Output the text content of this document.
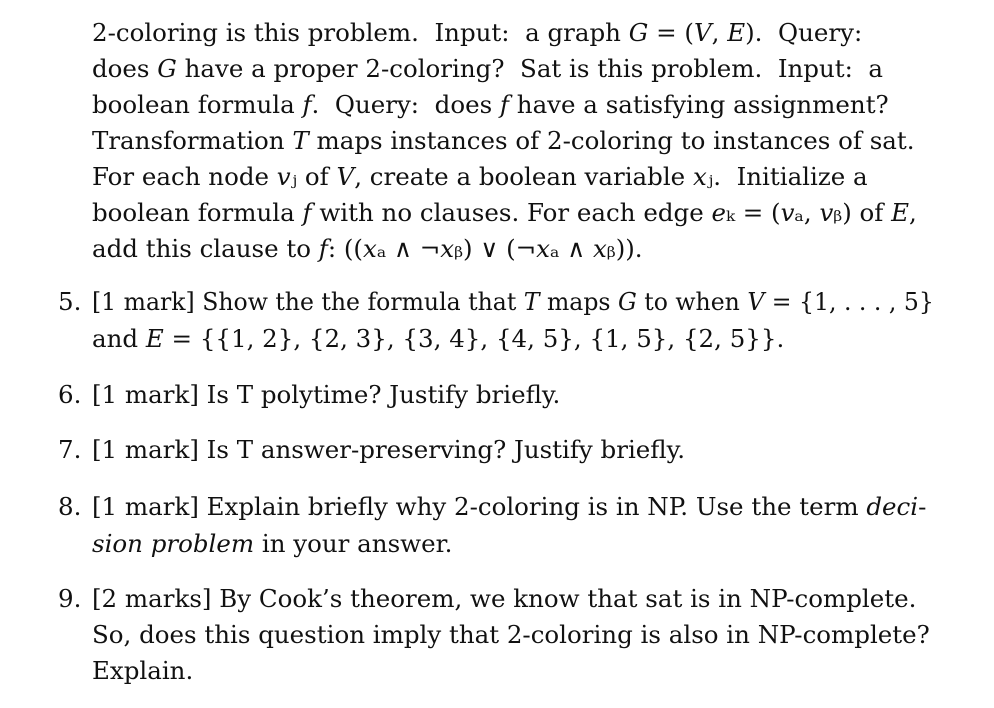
2-coloring is this problem.  Input:  a graph 𝐺 = (𝑉, 𝐸).  Query:
does 𝐺 have a proper 2-coloring?  Sat is this problem.  Input:  a
boolean formula 𝑓.  Query:  does 𝑓 have a satisfying assignment?
Transformation 𝑇 maps instances of 2-coloring to instances of sat.
For each node 𝑣ⱼ of 𝑉, create a boolean variable 𝑥ⱼ.  Initialize a
boolean formula 𝑓 with no clauses. For each edge 𝑒ₖ = (𝑣ₐ, 𝑣ᵦ) of 𝐸,
add this clause to 𝑓: ((𝑥ₐ ∧ ¬𝑥ᵦ) ∨ (¬𝑥ₐ ∧ 𝑥ᵦ)).
5. [1 mark] Show the the formula that 𝑇 maps 𝐺 to when 𝑉 = {1, . . . , 5}
and 𝐸 = {{1, 2}, {2, 3}, {3, 4}, {4, 5}, {1, 5}, {2, 5}}.
6. [1 mark] Is T polytime? Justify briefly.
7. [1 mark] Is T answer-preserving? Justify briefly.
8. [1 mark] Explain briefly why 2-coloring is in NP. Use the term 𝑑𝑒𝑐𝑖-
𝑠𝑖𝑜𝑛 𝑝𝑟𝑜𝑏𝑙𝑒𝑚 in your answer.
9. [2 marks] By Cook’s theorem, we know that sat is in NP-complete.
So, does this question imply that 2-coloring is also in NP-complete?
Explain.
